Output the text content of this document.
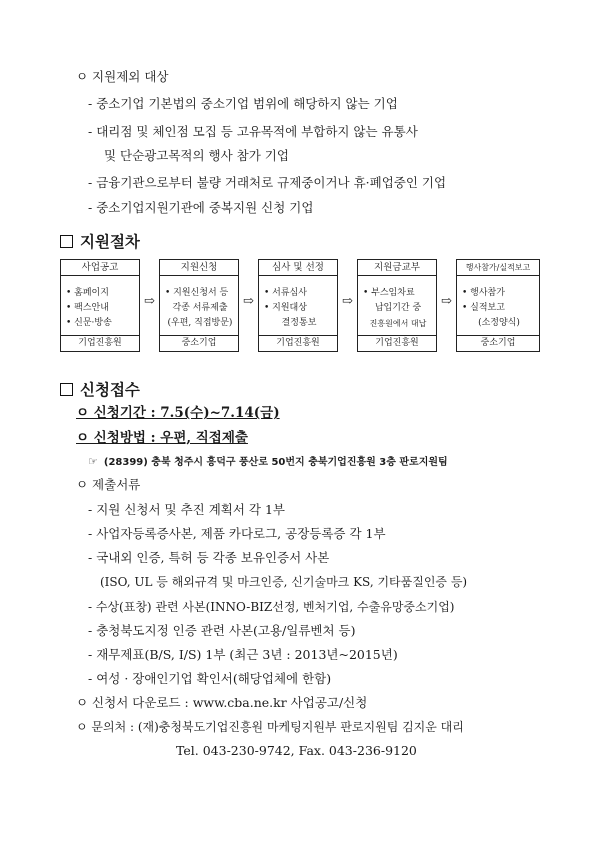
ㅇ 지원제외 대상
- 중소기업 기본법의 중소기업 범위에 해당하지 않는 기업
- 대리점 및 체인점 모집 등 고유목적에 부합하지 않는 유통사
및 단순광고목적의 행사 참가 기업
- 금융기관으로부터 불량 거래처로 규제중이거나 휴·폐업중인 기업
- 중소기업지원기관에 중복지원 신청 기업
지원절차
사업공고
• 홈페이지
• 팩스안내
• 신문·방송
기업진흥원
⇨
지원신청
• 지원신청서 등
각종 서류제출
(우편, 직접방문)
중소기업
⇨
심사 및 선정
• 서류심사
• 지원대상
결정통보
기업진흥원
⇨
지원금교부
• 부스임차료
납입기간 중
진흥원에서 대납
기업진흥원
⇨
행사참가/실적보고
• 행사참가
• 실적보고
(소정양식)
중소기업
신청접수
ㅇ 신청기간 : 7.5(수)~7.14(금)
ㅇ 신청방법 : 우편, 직접제출
☞ (28399) 충북 청주시 흥덕구 풍산로 50번지 충북기업진흥원 3층 판로지원팀
ㅇ 제출서류
- 지원 신청서 및 추진 계획서 각 1부
- 사업자등록증사본, 제품 카다로그, 공장등록증 각 1부
- 국내외 인증, 특허 등 각종 보유인증서 사본
(ISO, UL 등 해외규격 및 마크인증, 신기술마크 KS, 기타품질인증 등)
- 수상(표창) 관련 사본(INNO-BIZ선정, 벤처기업, 수출유망중소기업)
- 충청북도지정 인증 관련 사본(고용/일류벤처 등)
- 재무제표(B/S, I/S) 1부 (최근 3년 : 2013년~2015년)
- 여성 · 장애인기업 확인서(해당업체에 한함)
ㅇ 신청서 다운로드 : www.cba.ne.kr 사업공고/신청
ㅇ 문의처 : (재)충청북도기업진흥원 마케팅지원부 판로지원팀 김지운 대리
Tel. 043-230-9742, Fax. 043-236-9120
